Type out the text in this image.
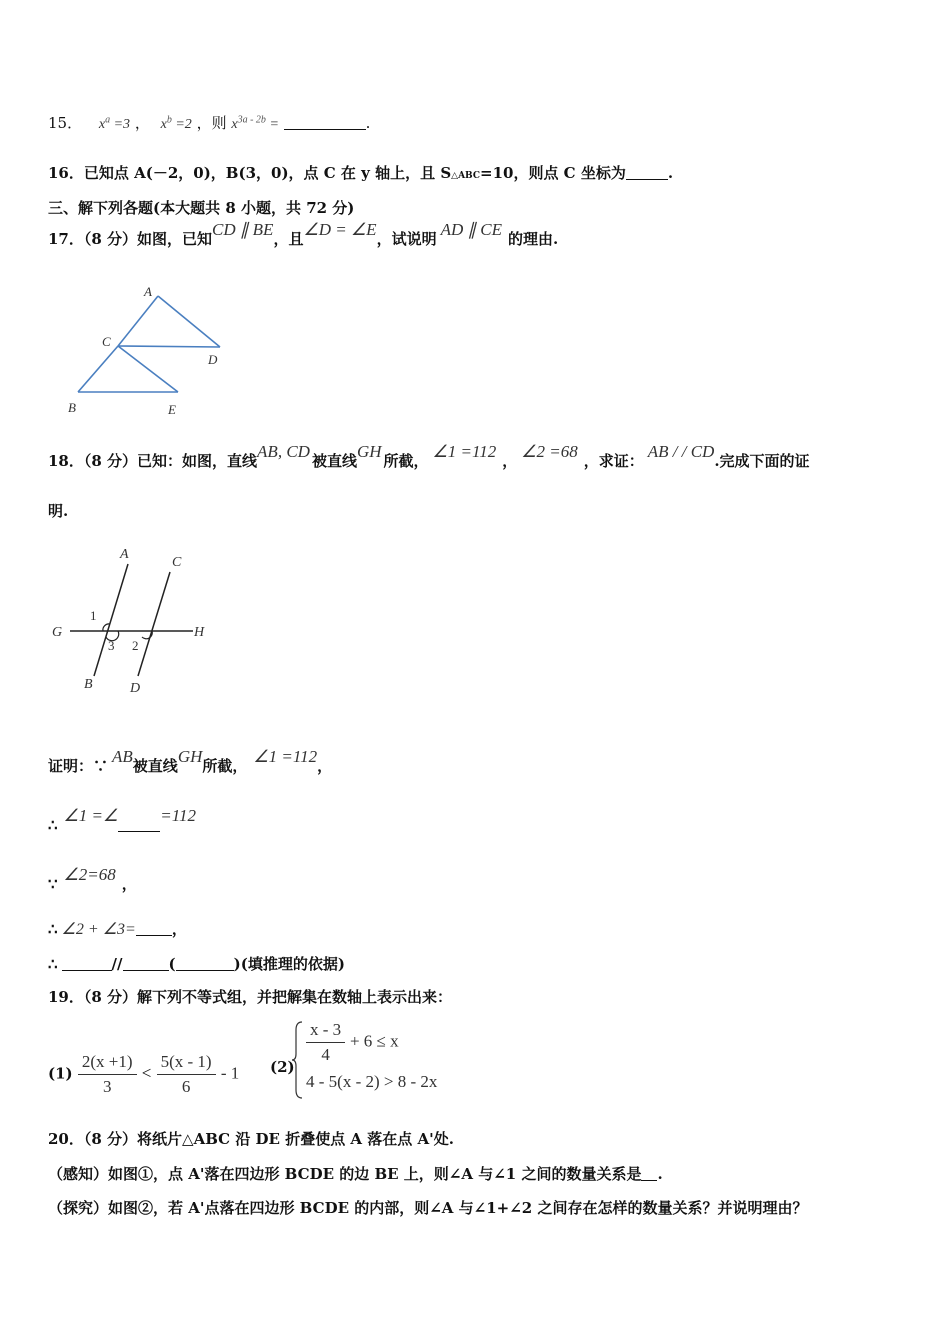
15． $x^a =3$ ， $x^b =2$ ，则 $x^{3a - 2b}$ =	.
16．已知点 A(－2，0)，B(3，0)，点 C 在 y 轴上，且 S△ABC=10，则点 C 坐标为	.
三、解下列各题(本大题共 8 小题，共 72 分)
17．（8 分）如图，已知CD ∥ BE，且∠D = ∠E，试说明 AD ∥ CE 的理由.
A
C
D
B	E
18．（8 分）已知：如图，直线AB, CD 被直线GH 所截， ∠1 =112 ， ∠2 =68 ，求证： AB / / CD.完成下面的证
明.
A
C
G	H
B	D
1
2
3
证明：∵ AB被直线GH所截， ∠1 =112，
∴ ∠1 =∠ =112
∵ ∠2=68 ，
∴ ∠2 + ∠3= ，
∴	//	(	)(填推理的依据)
19．（8 分）解下列不等式组，并把解集在数轴上表示出来：
$(1) \frac{2(x +1)}{3} < \frac{5(x - 1)}{6} - 1$ (2)
$\frac{x - 3}{4} + 6 \le x$
4 - 5(x - 2) > 8 - 2x
20．（8 分）将纸片△ABC 沿 DE 折叠使点 A 落在点 A'处.
（感知）如图①，点 A'落在四边形 BCDE 的边 BE 上，则∠A 与∠1 之间的数量关系是 .
（探究）如图②，若 A'点落在四边形 BCDE 的内部，则∠A 与∠1+∠2 之间存在怎样的数量关系？并说明理由？
